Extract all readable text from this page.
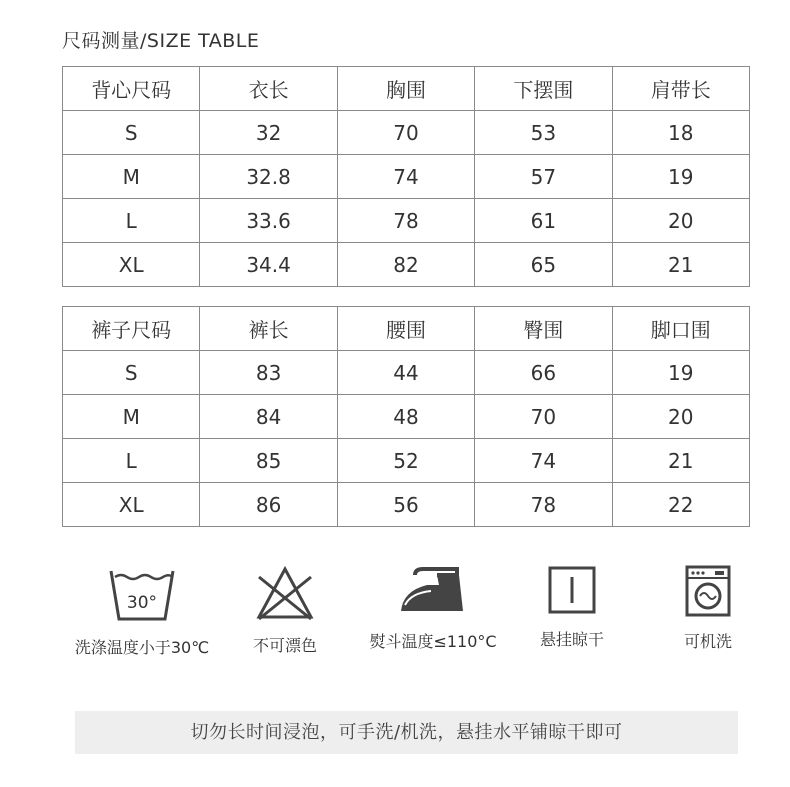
尺码测量/SIZE TABLE
背心尺码	衣长	胸围	下摆围	肩带长
S	32	70	53	18
M	32.8	74	57	19
L	33.6	78	61	20
XL	34.4	82	65	21
裤子尺码	裤长	腰围	臀围	脚口围
S	83	44	66	19
M	84	48	70	20
L	85	52	74	21
XL	86	56	78	22
30°
洗涤温度小于30℃	不可漂色	熨斗温度≤110°C	悬挂晾干	可机洗
切勿长时间浸泡，可手洗/机洗，悬挂水平铺晾干即可
